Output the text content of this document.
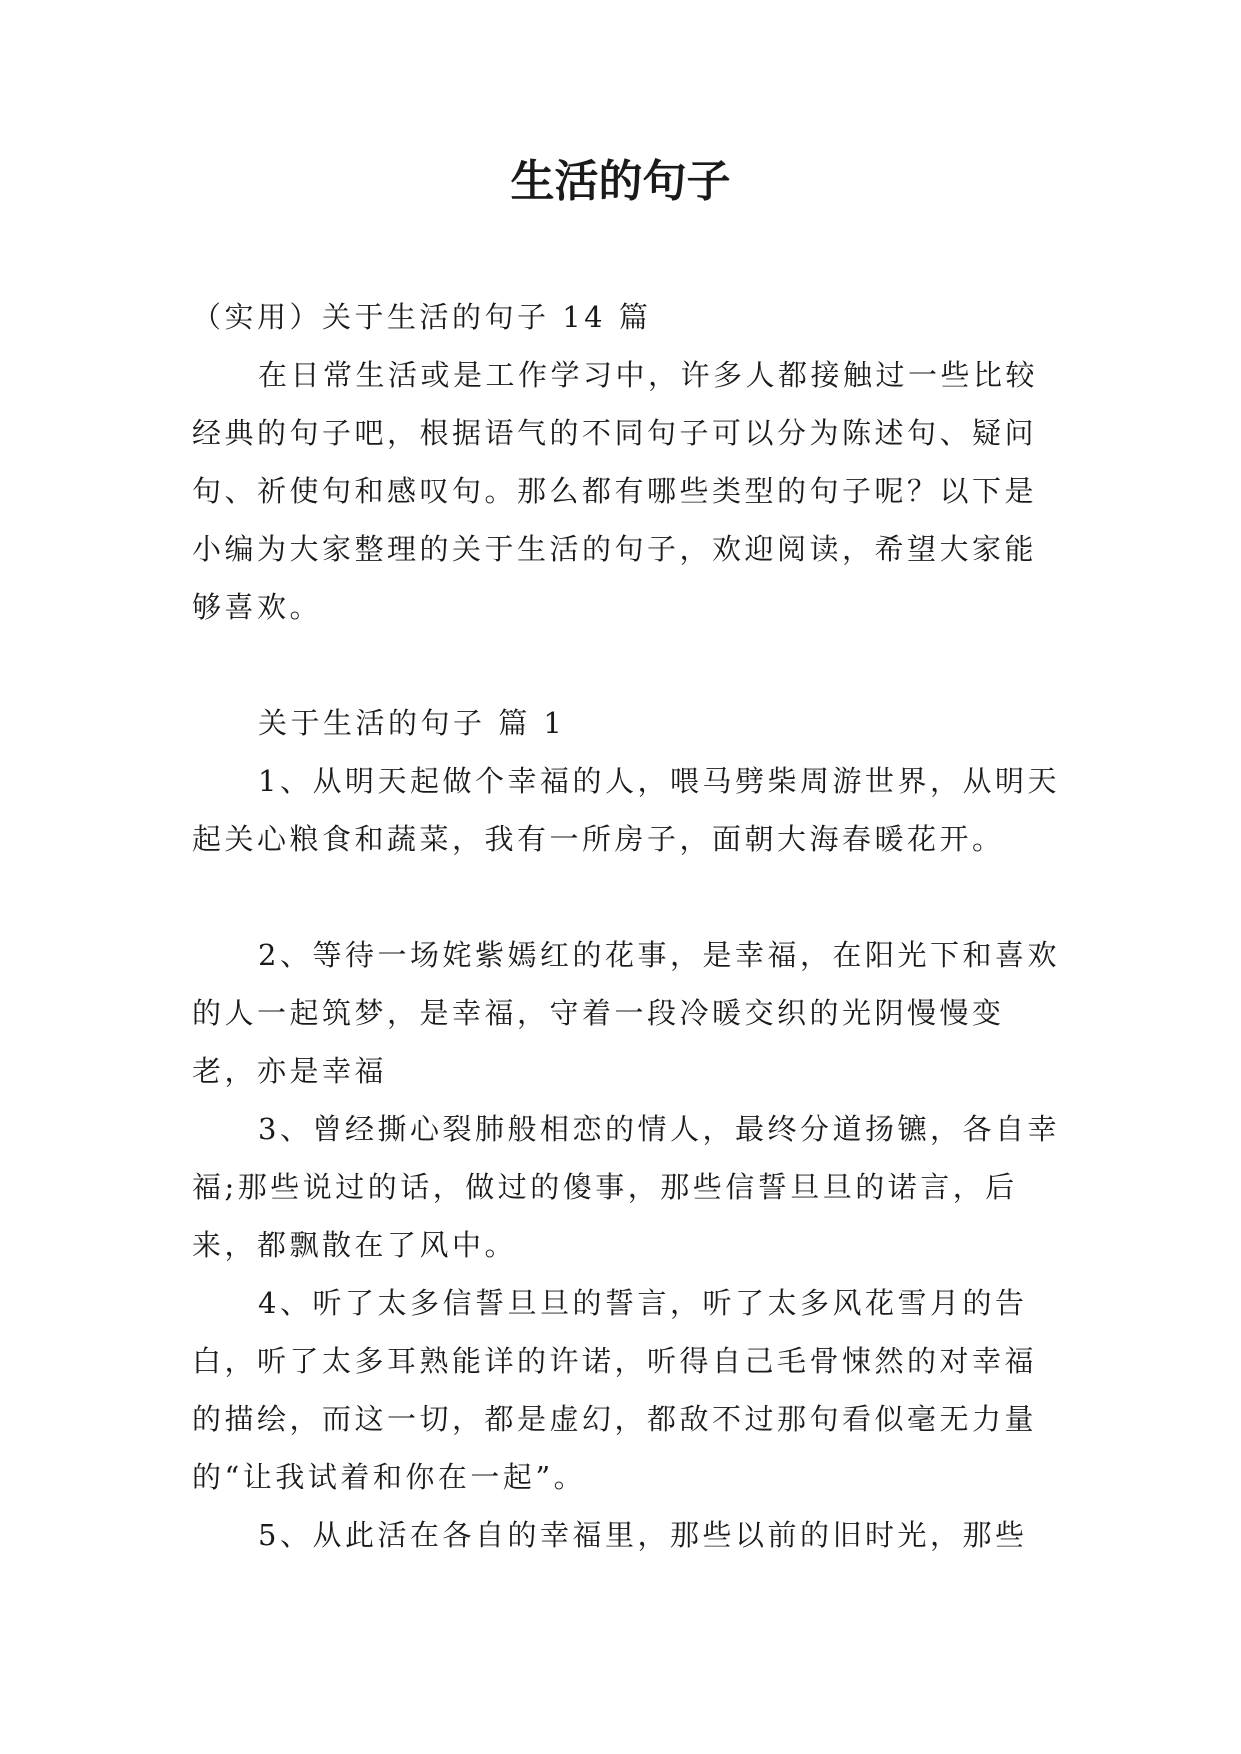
生活的句子

（实用）关于生活的句子 14 篇

在日常生活或是工作学习中，许多人都接触过一些比较经典的句子吧，根据语气的不同句子可以分为陈述句、疑问句、祈使句和感叹句。那么都有哪些类型的句子呢？以下是小编为大家整理的关于生活的句子，欢迎阅读，希望大家能够喜欢。

关于生活的句子 篇 1

1、从明天起做个幸福的人，喂马劈柴周游世界，从明天起关心粮食和蔬菜，我有一所房子，面朝大海春暖花开。

2、等待一场姹紫嫣红的花事，是幸福，在阳光下和喜欢的人一起筑梦，是幸福，守着一段冷暖交织的光阴慢慢变老，亦是幸福

3、曾经撕心裂肺般相恋的情人，最终分道扬镳，各自幸福;那些说过的话，做过的傻事，那些信誓旦旦的诺言，后来，都飘散在了风中。

4、听了太多信誓旦旦的誓言，听了太多风花雪月的告白，听了太多耳熟能详的许诺，听得自己毛骨悚然的对幸福的描绘，而这一切，都是虚幻，都敌不过那句看似毫无力量的“让我试着和你在一起”。

5、从此活在各自的幸福里，那些以前的旧时光，那些
